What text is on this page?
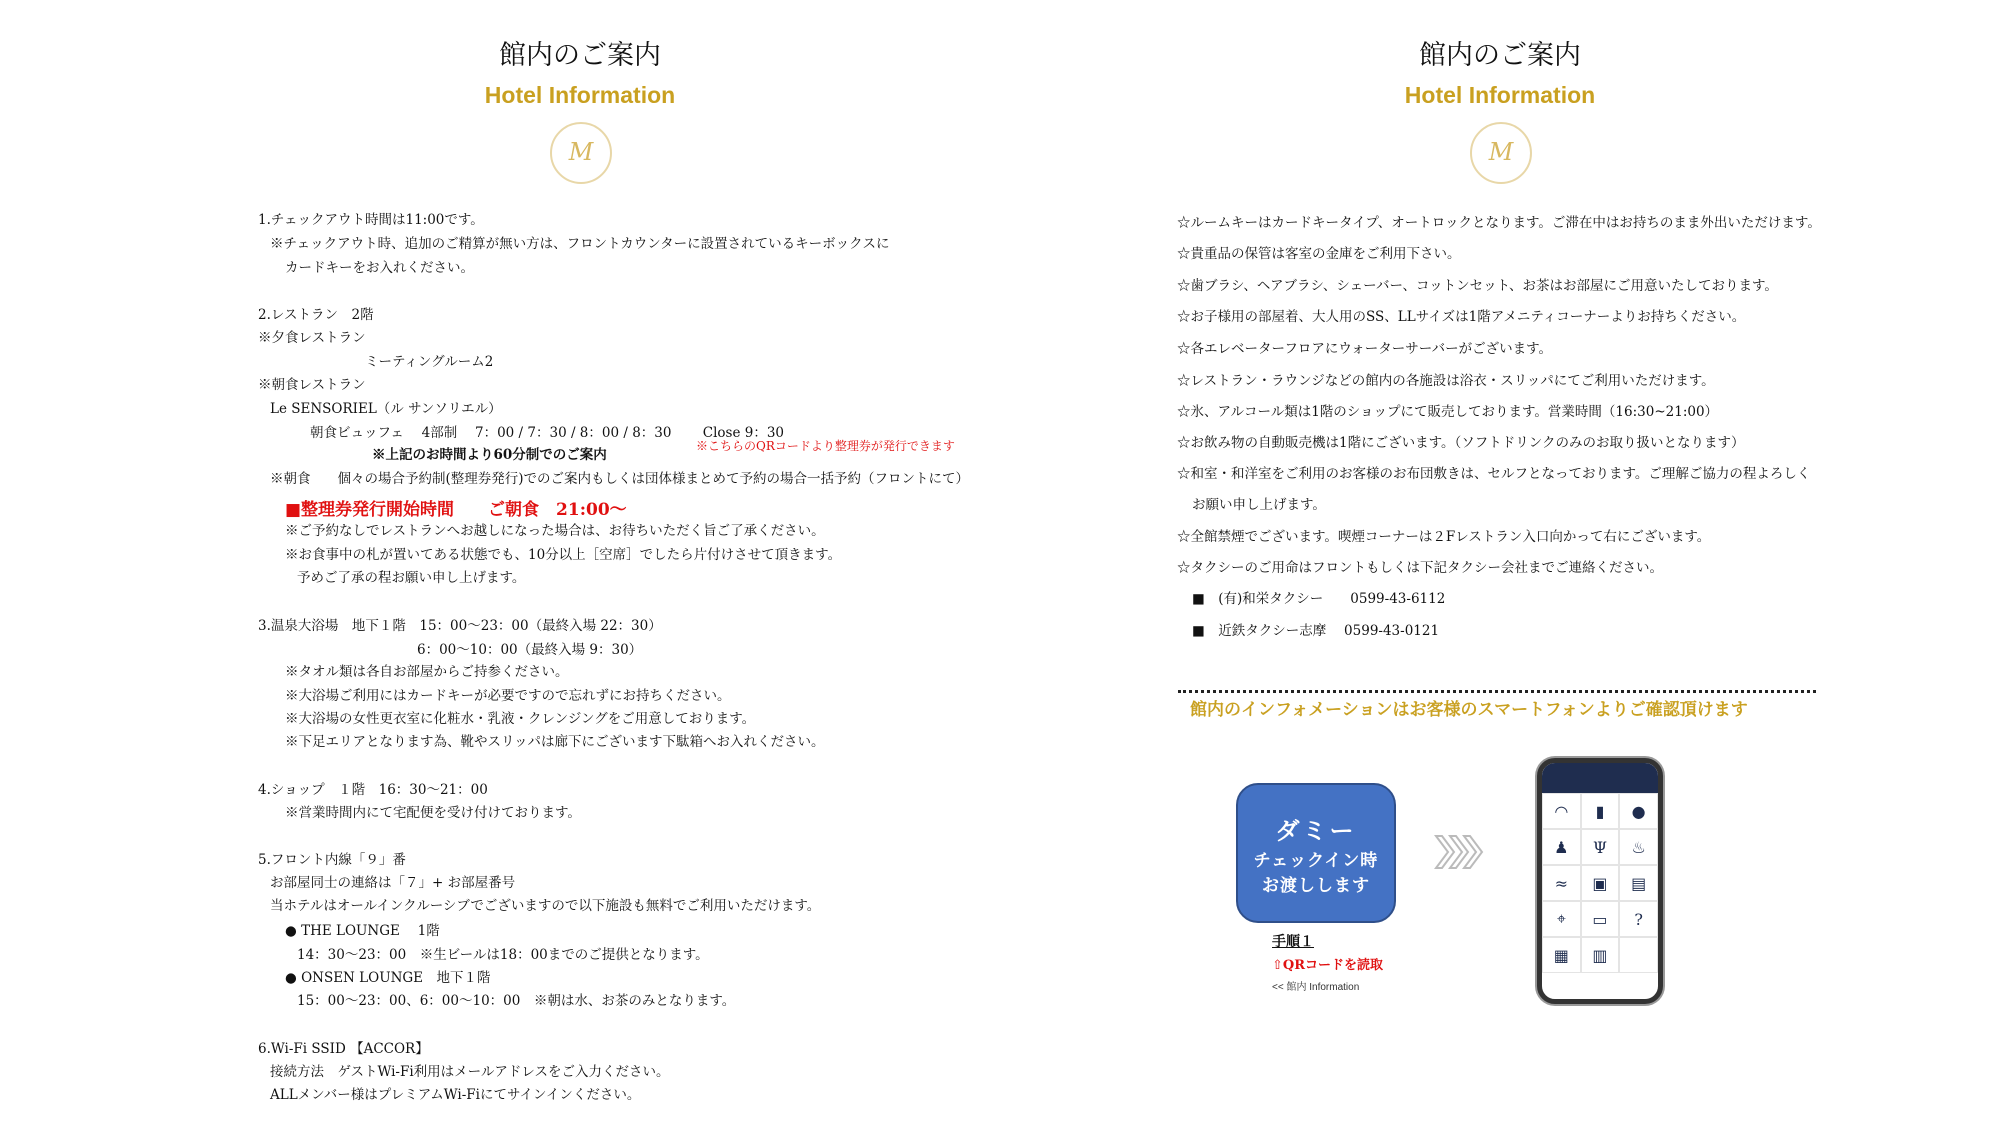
館内のご案内
Hotel Information
M
1.チェックアウト時間は11:00です。
※チェックアウト時、追加のご精算が無い方は、フロントカウンターに設置されているキーボックスに
カードキーをお入れください。
2.レストラン　2階
※夕食レストラン
ミーティングルーム2
※朝食レストラン
Le SENSORIEL（ル サンソリエル）
朝食ビュッフェ　 4部制　 7：00 / 7：30 / 8：00 / 8：30　　 Close 9：30
※こちらのQRコードより整理券が発行できます
※上記のお時間より60分制でのご案内
※朝食　　個々の場合予約制(整理券発行)でのご案内もしくは団体様まとめて予約の場合一括予約（フロントにて）
■整理券発行開始時間　　ご朝食　21:00～
※ご予約なしでレストランへお越しになった場合は、お待ちいただく旨ご了承ください。
※お食事中の札が置いてある状態でも、10分以上［空席］でしたら片付けさせて頂きます。
予めご了承の程お願い申し上げます。
3.温泉大浴場　地下１階　15：00～23：00（最終入場 22：30）
6：00～10：00（最終入場 9：30）
※タオル類は各自お部屋からご持参ください。
※大浴場ご利用にはカードキーが必要ですので忘れずにお持ちください。
※大浴場の女性更衣室に化粧水・乳液・クレンジングをご用意しております。
※下足エリアとなります為、靴やスリッパは廊下にございます下駄箱へお入れください。
4.ショップ　１階　16：30～21：00
※営業時間内にて宅配便を受け付けております。
5.フロント内線「９」番
お部屋同士の連絡は「７」+ お部屋番号
当ホテルはオールインクルーシブでございますので以下施設も無料でご利用いただけます。
● THE LOUNGE　 1階
14：30～23：00　※生ビールは18：00までのご提供となります。
● ONSEN LOUNGE　地下１階
15：00～23：00、6：00～10：00　※朝は水、お茶のみとなります。
6.Wi-Fi SSID 【ACCOR】
接続方法　ゲストWi-Fi利用はメールアドレスをご入力ください。
ALLメンバー様はプレミアムWi-Fiにてサインインください。
館内のご案内
Hotel Information
M
☆ルームキーはカードキータイプ、オートロックとなります。ご滞在中はお持ちのまま外出いただけます。
☆貴重品の保管は客室の金庫をご利用下さい。
☆歯ブラシ、ヘアブラシ、シェーバー、コットンセット、お茶はお部屋にご用意いたしております。
☆お子様用の部屋着、大人用のSS、LLサイズは1階アメニティコーナーよりお持ちください。
☆各エレベーターフロアにウォーターサーバーがございます。
☆レストラン・ラウンジなどの館内の各施設は浴衣・スリッパにてご利用いただけます。
☆氷、アルコール類は1階のショップにて販売しております。営業時間（16:30~21:00）
☆お飲み物の自動販売機は1階にございます。（ソフトドリンクのみのお取り扱いとなります）
☆和室・和洋室をご利用のお客様のお布団敷きは、セルフとなっております。ご理解ご協力の程よろしく
お願い申し上げます。
☆全館禁煙でございます。喫煙コーナーは２Fレストラン入口向かって右にございます。
☆タクシーのご用命はフロントもしくは下記タクシー会社までご連絡ください。
■　(有)和栄タクシー　　0599-43-6112
■　近鉄タクシー志摩　 0599-43-0121
館内のインフォメーションはお客様のスマートフォンよりご確認頂けます
ダミー
チェックイン時
お渡しします
手順１
⇧QRコードを読取
<< 館内 Information
◠	▮	●
♟	Ψ	♨
≈	▣	▤
⌖	▭	?
▦	▥
